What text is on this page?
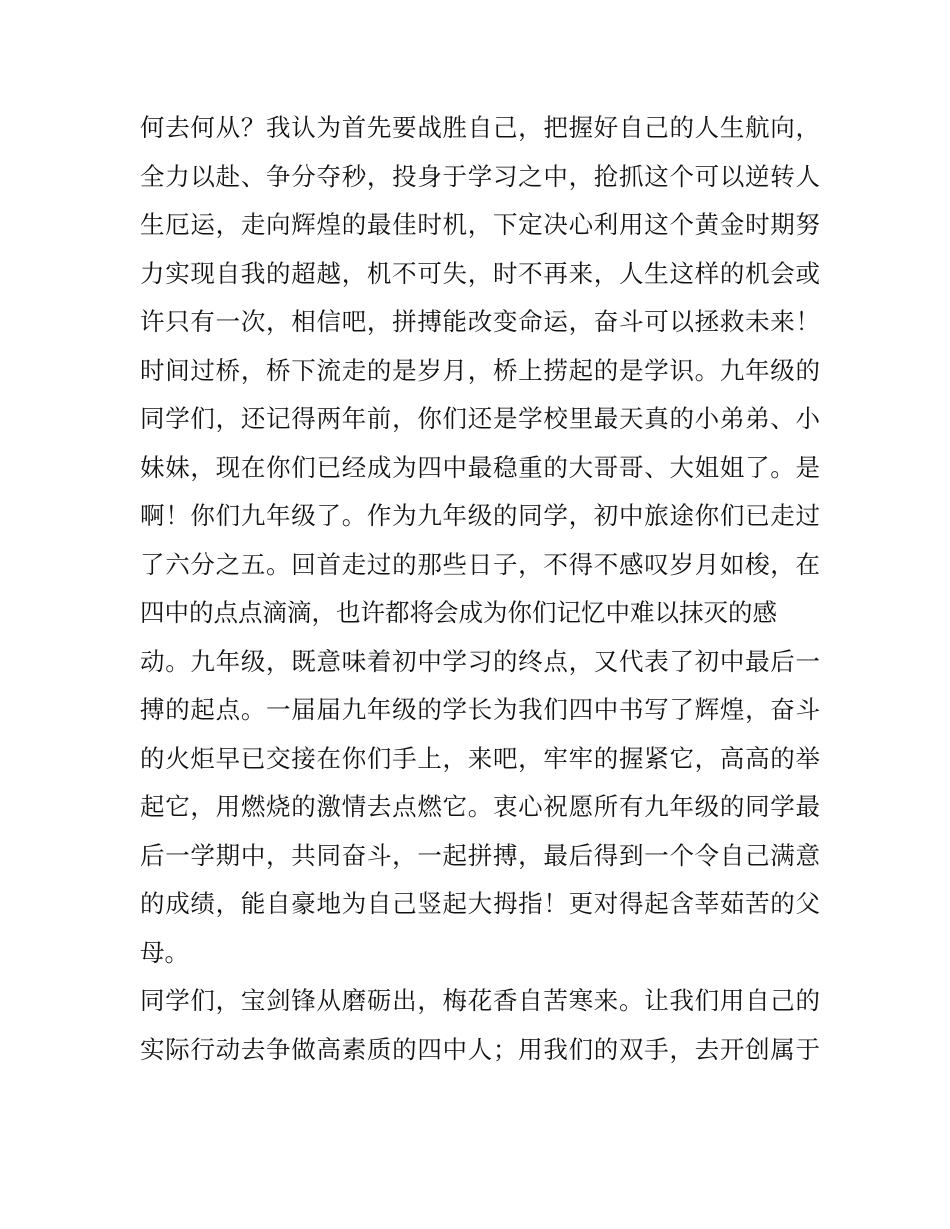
何去何从？我认为首先要战胜自己，把握好自己的人生航向，
全力以赴、争分夺秒，投身于学习之中，抢抓这个可以逆转人
生厄运，走向辉煌的最佳时机，下定决心利用这个黄金时期努
力实现自我的超越，机不可失，时不再来，人生这样的机会或
许只有一次，相信吧，拼搏能改变命运，奋斗可以拯救未来！
时间过桥，桥下流走的是岁月，桥上捞起的是学识。九年级的
同学们，还记得两年前，你们还是学校里最天真的小弟弟、小
妹妹，现在你们已经成为四中最稳重的大哥哥、大姐姐了。是
啊！你们九年级了。作为九年级的同学，初中旅途你们已走过
了六分之五。回首走过的那些日子，不得不感叹岁月如梭，在
四中的点点滴滴，也许都将会成为你们记忆中难以抹灭的感
动。九年级，既意味着初中学习的终点，又代表了初中最后一
搏的起点。一届届九年级的学长为我们四中书写了辉煌，奋斗
的火炬早已交接在你们手上，来吧，牢牢的握紧它，高高的举
起它，用燃烧的激情去点燃它。衷心祝愿所有九年级的同学最
后一学期中，共同奋斗，一起拼搏，最后得到一个令自己满意
的成绩，能自豪地为自己竖起大拇指！更对得起含莘茹苦的父
母。
同学们，宝剑锋从磨砺出，梅花香自苦寒来。让我们用自己的
实际行动去争做高素质的四中人；用我们的双手，去开创属于
